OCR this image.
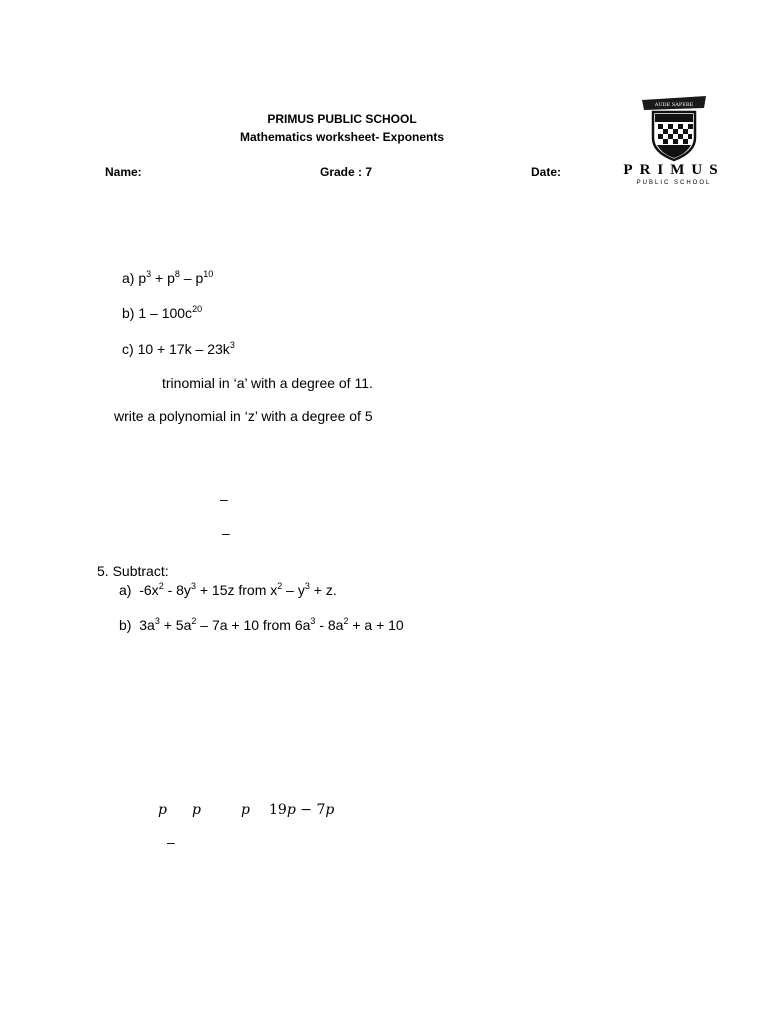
PRIMUS PUBLIC SCHOOL
Mathematics worksheet- Exponents
Name:	Grade : 7	Date:
AUDE SAPERE
PRIMUS
PUBLIC SCHOOL
a) $p^3 + p^8 - p^{10}$
b) $1 - 100c^{20}$
c) $10 + 17k - 23k^3$
trinomial in ‘a’ with a degree of 11.
write a polynomial in ‘z’ with a degree of 5
–
–
5. Subtract:
a)  $-6x^2 - 8y^3 + 15z$ from $x^2 - y^3 + z$.
b)  $3a^3 + 5a^2 - 7a + 10$ from $6a^3 - 8a^2 + a + 10$
p p	p 19p − 7p
–
